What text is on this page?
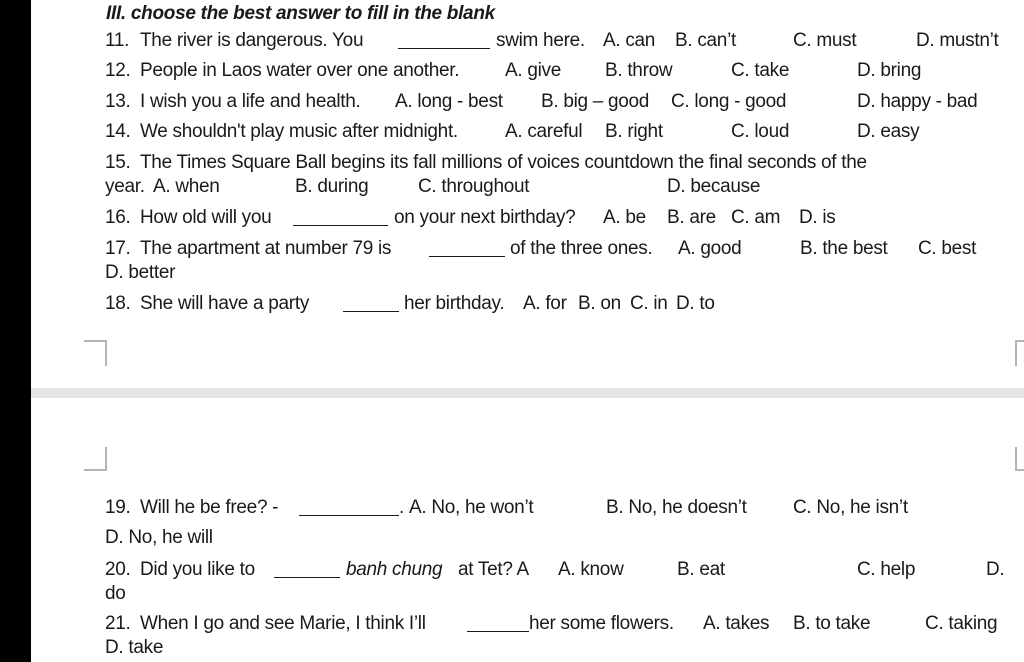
III. choose the best answer to fill in the blank
11. The river is dangerous. You	swim here. A. can B. can’t	C. must	D. mustn’t
12. People in Laos water over one another. A. give B. throw	C. take	D. bring
13. I wish you a life and health. A. long - best B. big – good C. long - good	D. happy - bad
14. We shouldn't play music after midnight. A. careful B. right	C. loud	D. easy
15. The Times Square Ball begins its fall millions of voices countdown the final seconds of the
year. A. when	B. during	C. throughout	D. because
16. How old will you	on your next birthday? A. be B. are C. am D. is
17. The apartment at number 79 is	of the three ones. A. good	B. the best C. best
D. better
18. She will have a party	her birthday. A. for B. on C. in D. to
19. Will he be free? -	. A. No, he won’t	B. No, he doesn’t C. No, he isn’t
D. No, he will
20. Did you like to	banh chung at Tet? A A. know	B. eat	C. help	D.
do
21. When I go and see Marie, I think I’ll	her some flowers. A. takes B. to take	C. taking
D. take
